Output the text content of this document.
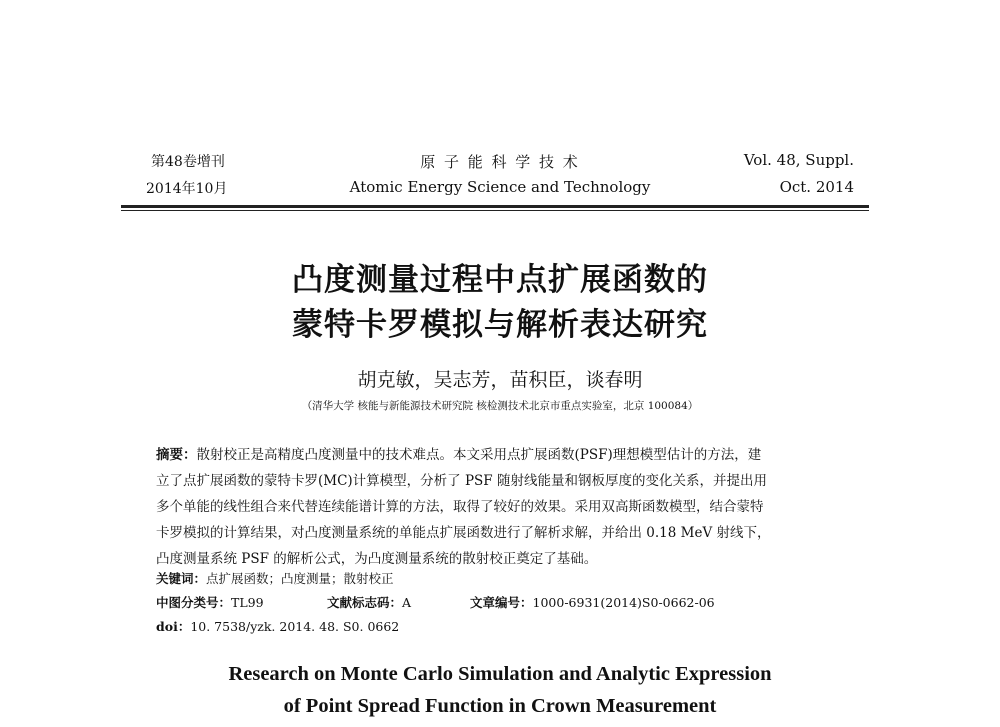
第48卷增刊
2014年10月
原 子 能 科 学 技 术
Atomic Energy Science and Technology
Vol. 48, Suppl.
Oct. 2014
凸度测量过程中点扩展函数的
蒙特卡罗模拟与解析表达研究
胡克敏，吴志芳，苗积臣，谈春明
（清华大学 核能与新能源技术研究院 核检测技术北京市重点实验室，北京 100084）
摘要：散射校正是高精度凸度测量中的技术难点。本文采用点扩展函数(PSF)理想模型估计的方法，建
立了点扩展函数的蒙特卡罗(MC)计算模型，分析了 PSF 随射线能量和钢板厚度的变化关系，并提出用
多个单能的线性组合来代替连续能谱计算的方法，取得了较好的效果。采用双高斯函数模型，结合蒙特
卡罗模拟的计算结果，对凸度测量系统的单能点扩展函数进行了解析求解，并给出 0.18 MeV 射线下，
凸度测量系统 PSF 的解析公式，为凸度测量系统的散射校正奠定了基础。
关键词：点扩展函数；凸度测量；散射校正
中图分类号：TL99	文献标志码：A	文章编号：1000-6931(2014)S0-0662-06
doi：10. 7538/yzk. 2014. 48. S0. 0662
Research on Monte Carlo Simulation and Analytic Expression
of Point Spread Function in Crown Measurement
